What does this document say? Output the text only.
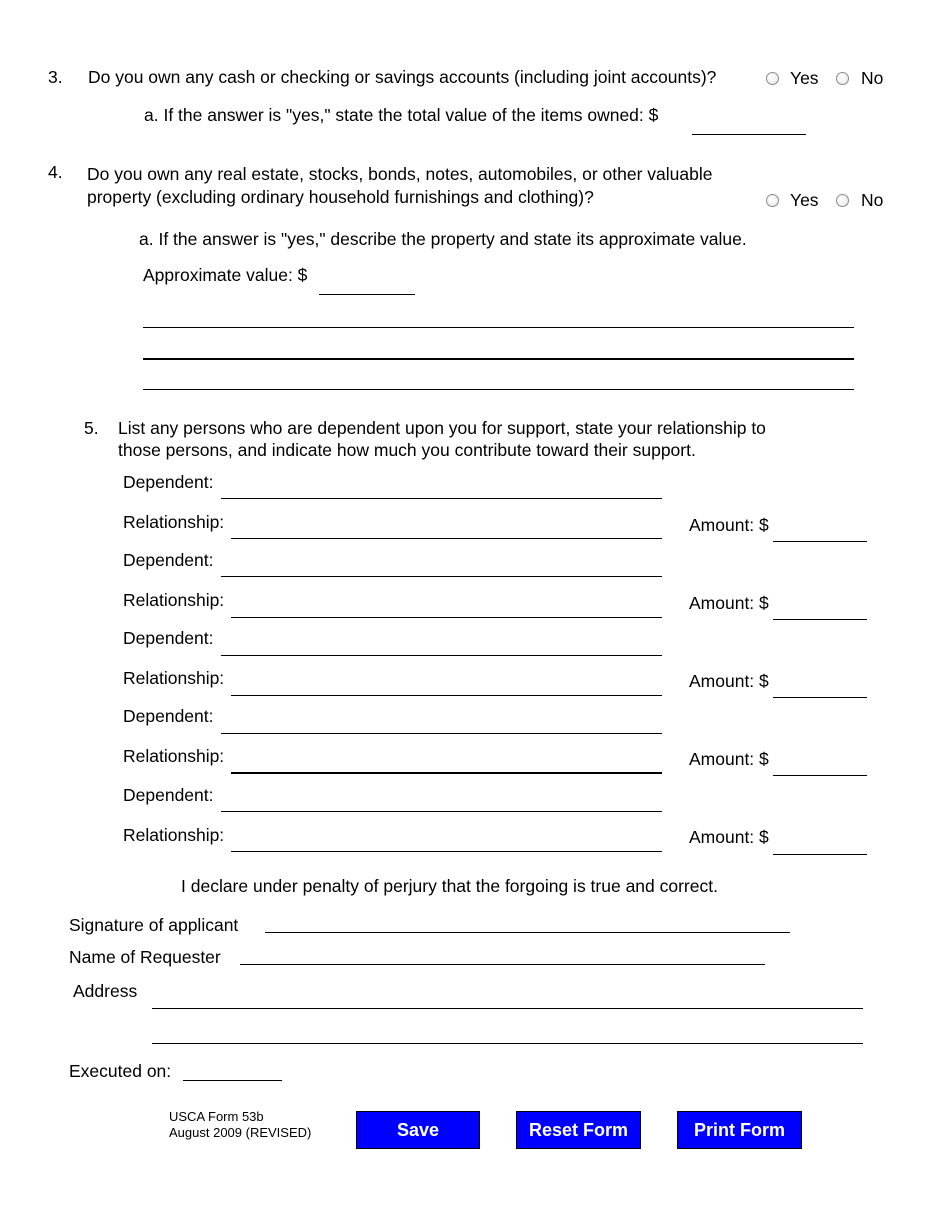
3. Do you own any cash or checking or savings accounts (including joint accounts)?	Yes No
a. If the answer is "yes," state the total value of the items owned: $
4. Do you own any real estate, stocks, bonds, notes, automobiles, or other valuable
property (excluding ordinary household furnishings and clothing)?	Yes No
a. If the answer is "yes," describe the property and state its approximate value.
Approximate value: $
5. List any persons who are dependent upon you for support, state your relationship to
those persons, and indicate how much you contribute toward their support.
Dependent:
Relationship:	Amount: $
Dependent:
Relationship:	Amount: $
Dependent:
Relationship:	Amount: $
Dependent:
Relationship:	Amount: $
Dependent:
Relationship:	Amount: $
I declare under penalty of perjury that the forgoing is true and correct.
Signature of applicant
Name of Requester
Address
Executed on:
USCA Form 53b
August 2009 (REVISED)	Save	Reset Form	Print Form
